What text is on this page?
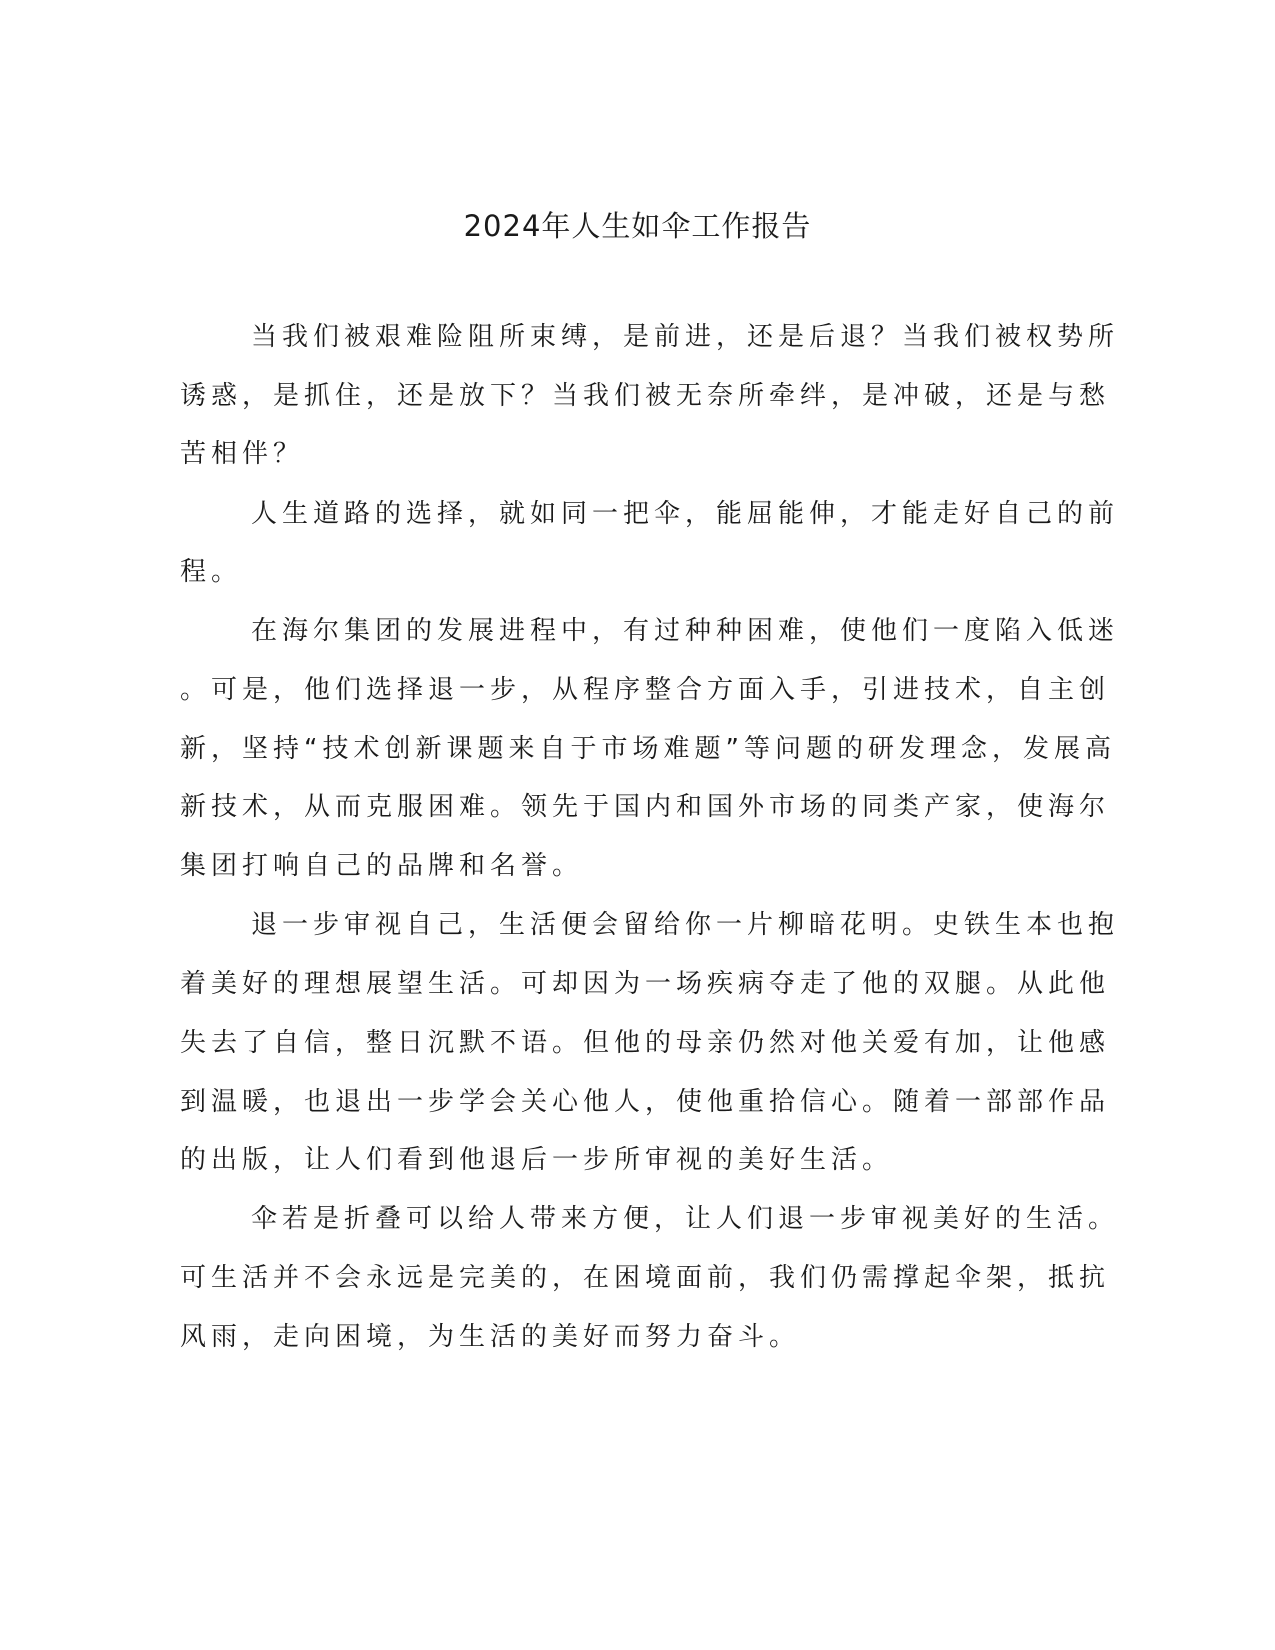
2024年人生如伞工作报告
当我们被艰难险阻所束缚，是前进，还是后退？当我们被权势所
诱惑，是抓住，还是放下？当我们被无奈所牵绊，是冲破，还是与愁
苦相伴？
人生道路的选择，就如同一把伞，能屈能伸，才能走好自己的前
程。
在海尔集团的发展进程中，有过种种困难，使他们一度陷入低迷
。可是，他们选择退一步，从程序整合方面入手，引进技术，自主创
新，坚持“技术创新课题来自于市场难题”等问题的研发理念，发展高
新技术，从而克服困难。领先于国内和国外市场的同类产家，使海尔
集团打响自己的品牌和名誉。
退一步审视自己，生活便会留给你一片柳暗花明。史铁生本也抱
着美好的理想展望生活。可却因为一场疾病夺走了他的双腿。从此他
失去了自信，整日沉默不语。但他的母亲仍然对他关爱有加，让他感
到温暖，也退出一步学会关心他人，使他重拾信心。随着一部部作品
的出版，让人们看到他退后一步所审视的美好生活。
伞若是折叠可以给人带来方便，让人们退一步审视美好的生活。
可生活并不会永远是完美的，在困境面前，我们仍需撑起伞架，抵抗
风雨，走向困境，为生活的美好而努力奋斗。
